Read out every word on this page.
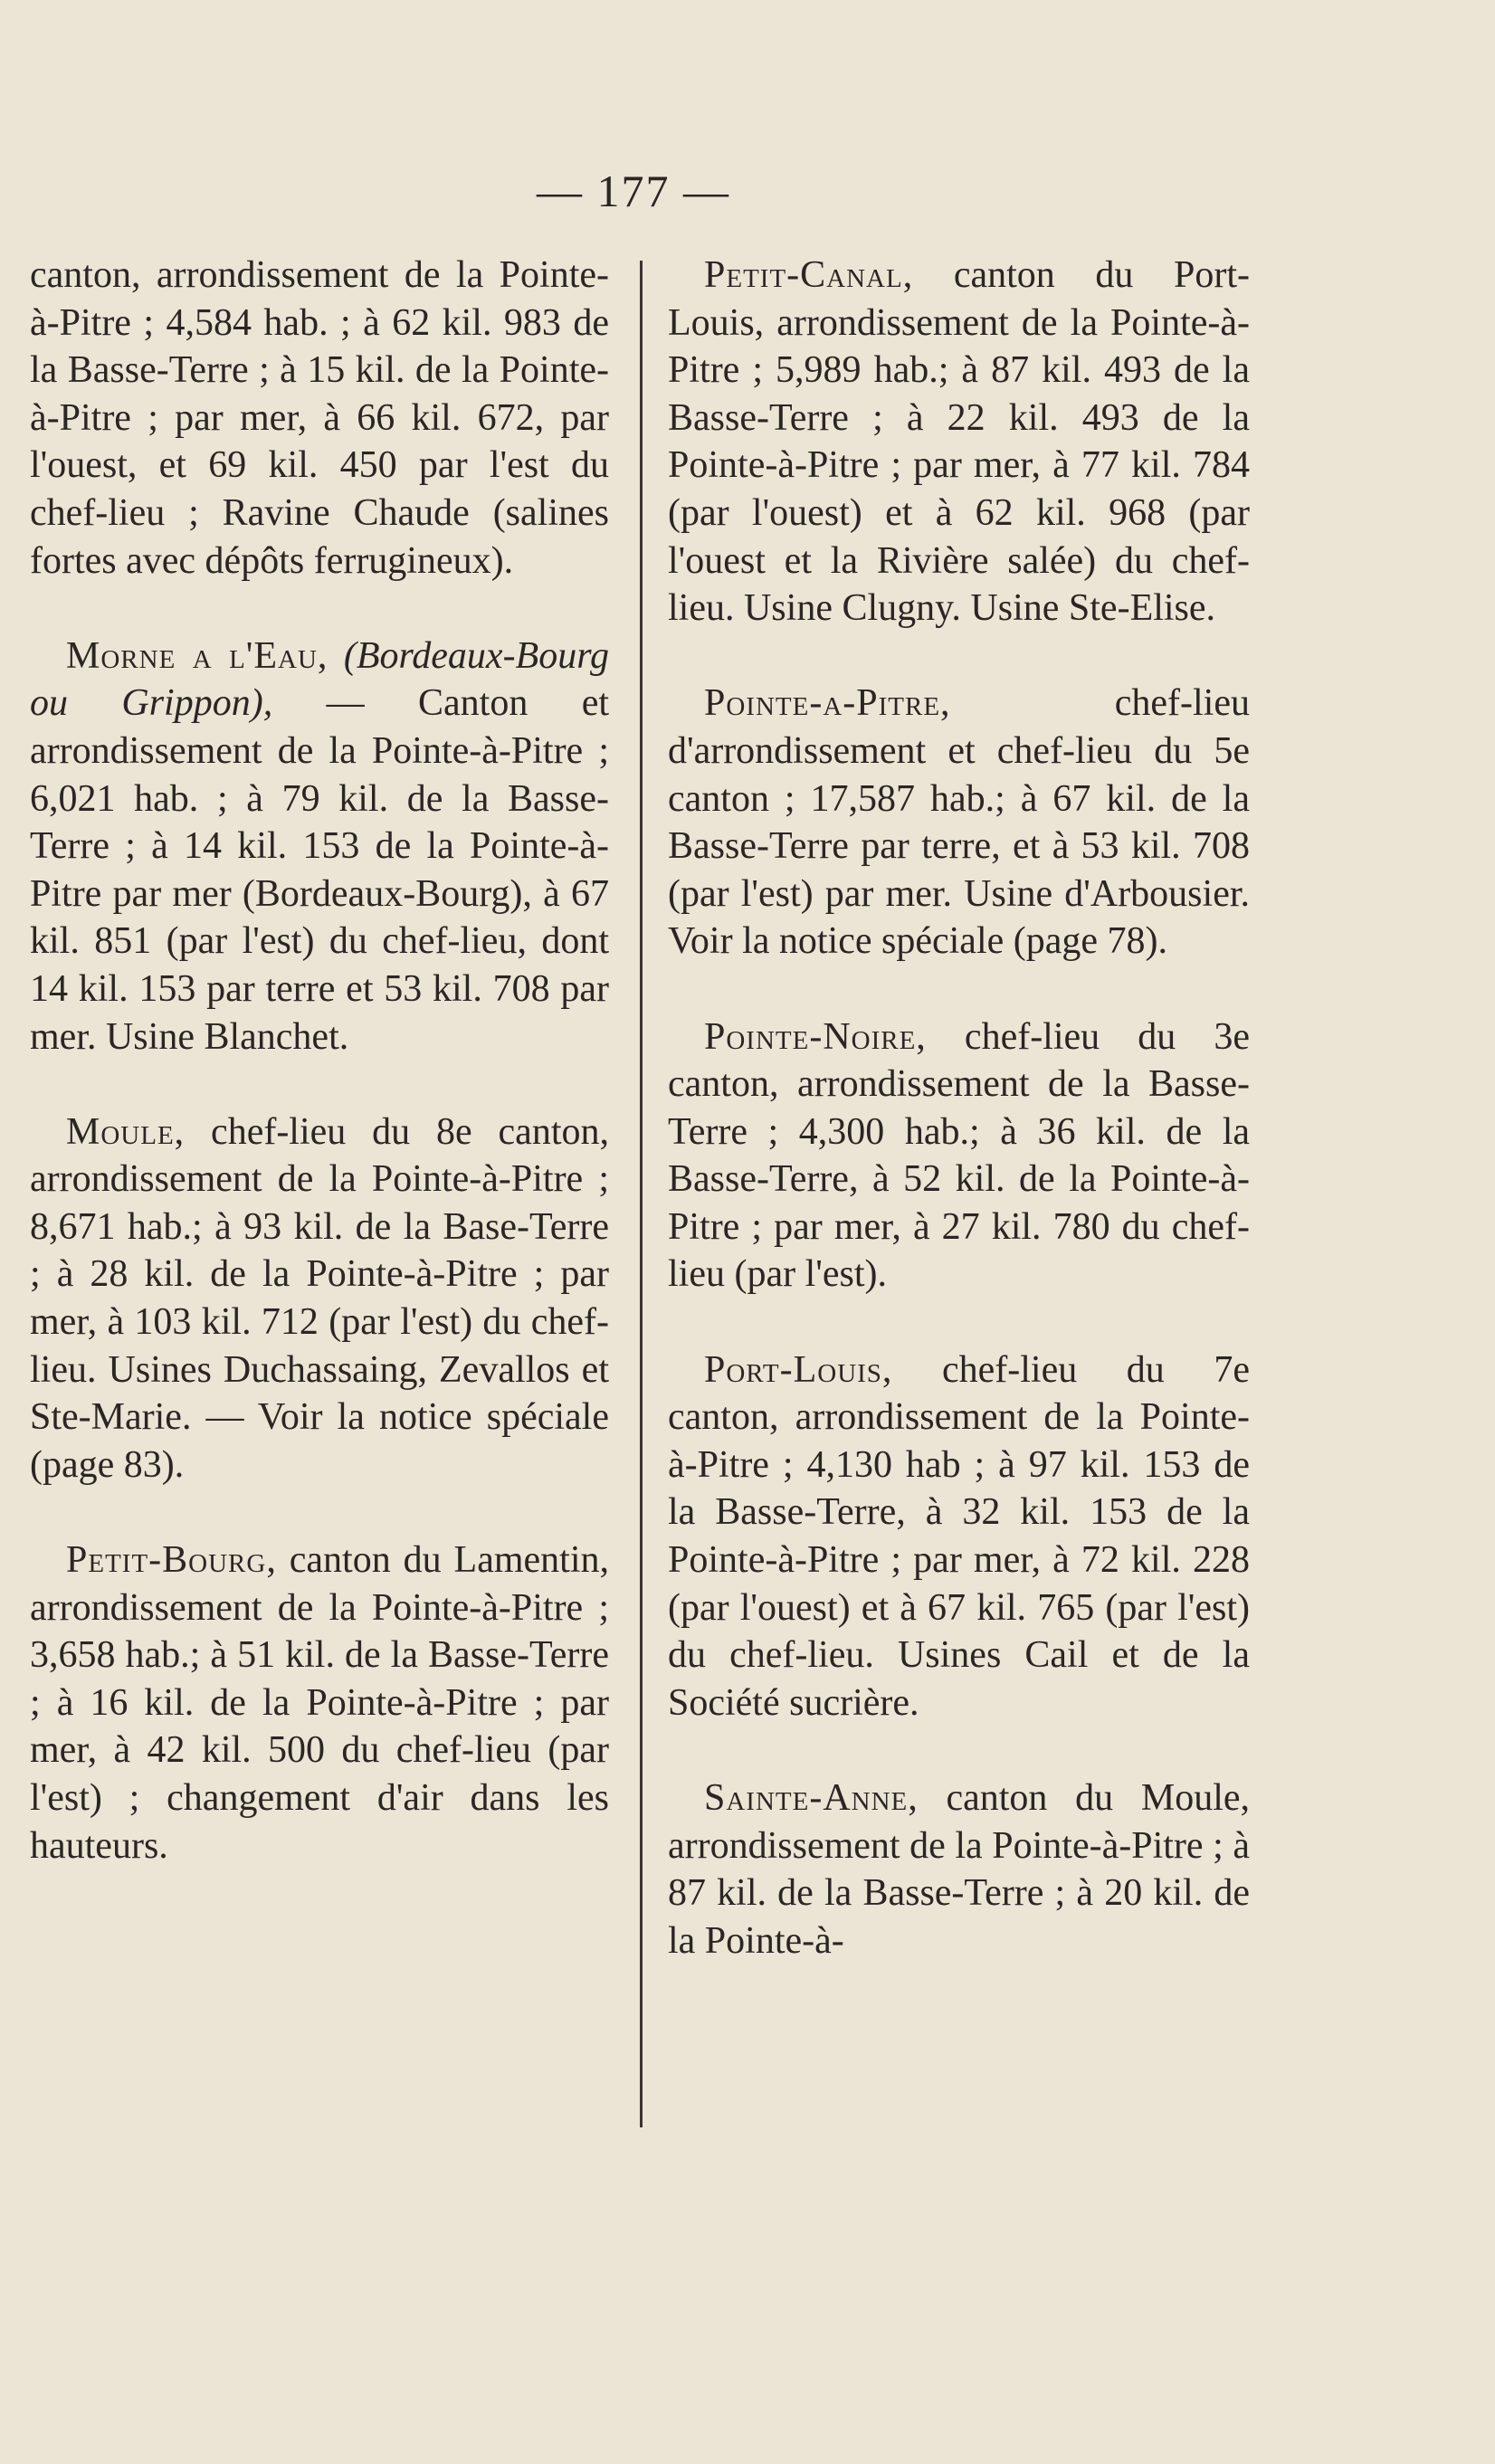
— 177 —

canton, arrondissement de la Pointe-à-Pitre ; 4,584 hab. ; à 62 kil. 983 de la Basse-Terre ; à 15 kil. de la Pointe-à-Pitre ; par mer, à 66 kil. 672, par l'ouest, et 69 kil. 450 par l'est du chef-lieu ; Ravine Chaude (salines fortes avec dépôts ferrugineux).

Morne a l'Eau, (Bordeaux-Bourg ou Grippon), — Canton et arrondissement de la Pointe-à-Pitre ; 6,021 hab. ; à 79 kil. de la Basse-Terre ; à 14 kil. 153 de la Pointe-à-Pitre par mer (Bordeaux-Bourg), à 67 kil. 851 (par l'est) du chef-lieu, dont 14 kil. 153 par terre et 53 kil. 708 par mer. Usine Blanchet.

Moule, chef-lieu du 8e canton, arrondissement de la Pointe-à-Pitre ; 8,671 hab.; à 93 kil. de la Base-Terre ; à 28 kil. de la Pointe-à-Pitre ; par mer, à 103 kil. 712 (par l'est) du chef-lieu. Usines Duchassaing, Zevallos et Ste-Marie. — Voir la notice spéciale (page 83).

Petit-Bourg, canton du Lamentin, arrondissement de la Pointe-à-Pitre ; 3,658 hab.; à 51 kil. de la Basse-Terre ; à 16 kil. de la Pointe-à-Pitre ; par mer, à 42 kil. 500 du chef-lieu (par l'est) ; changement d'air dans les hauteurs.

Petit-Canal, canton du Port-Louis, arrondissement de la Pointe-à-Pitre ; 5,989 hab.; à 87 kil. 493 de la Basse-Terre ; à 22 kil. 493 de la Pointe-à-Pitre ; par mer, à 77 kil. 784 (par l'ouest) et à 62 kil. 968 (par l'ouest et la Rivière salée) du chef-lieu. Usine Clugny. Usine Ste-Elise.

Pointe-a-Pitre,	chef-lieu d'arrondissement et chef-lieu du 5e canton ; 17,587 hab.; à 67 kil. de la Basse-Terre par terre, et à 53 kil. 708 (par l'est) par mer. Usine d'Arbousier. Voir la notice spéciale (page 78).

Pointe-Noire, chef-lieu du 3e canton, arrondissement de la Basse-Terre ; 4,300 hab.; à 36 kil. de la Basse-Terre, à 52 kil. de la Pointe-à-Pitre ; par mer, à 27 kil. 780 du chef-lieu (par l'est).

Port-Louis, chef-lieu du 7e canton, arrondissement de la Pointe-à-Pitre ; 4,130 hab ; à 97 kil. 153 de la Basse-Terre, à 32 kil. 153 de la Pointe-à-Pitre ; par mer, à 72 kil. 228 (par l'ouest) et à 67 kil. 765 (par l'est) du chef-lieu. Usines Cail et de la Société sucrière.

Sainte-Anne, canton du Moule, arrondissement de la Pointe-à-Pitre ; à 87 kil. de la Basse-Terre ; à 20 kil. de la Pointe-à-
